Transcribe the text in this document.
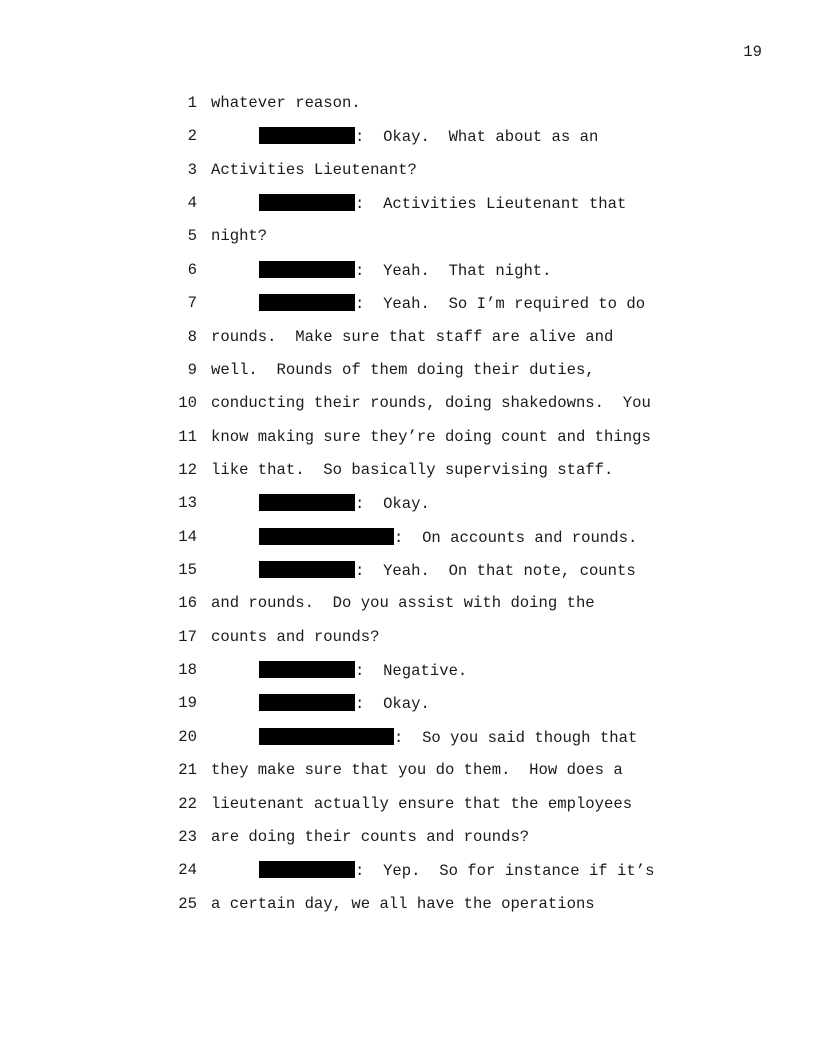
19
1 whatever reason.
2	:  Okay.  What about as an
3 Activities Lieutenant?
4	:  Activities Lieutenant that
5 night?
6	:  Yeah.  That night.
7	:  Yeah.  So I’m required to do
8 rounds.  Make sure that staff are alive and
9 well.  Rounds of them doing their duties,
10 conducting their rounds, doing shakedowns.  You
11 know making sure they’re doing count and things
12 like that.  So basically supervising staff.
13	:  Okay.
14	:  On accounts and rounds.
15	:  Yeah.  On that note, counts
16 and rounds.  Do you assist with doing the
17 counts and rounds?
18	:  Negative.
19	:  Okay.
20	:  So you said though that
21 they make sure that you do them.  How does a
22 lieutenant actually ensure that the employees
23 are doing their counts and rounds?
24	:  Yep.  So for instance if it’s
25 a certain day, we all have the operations
